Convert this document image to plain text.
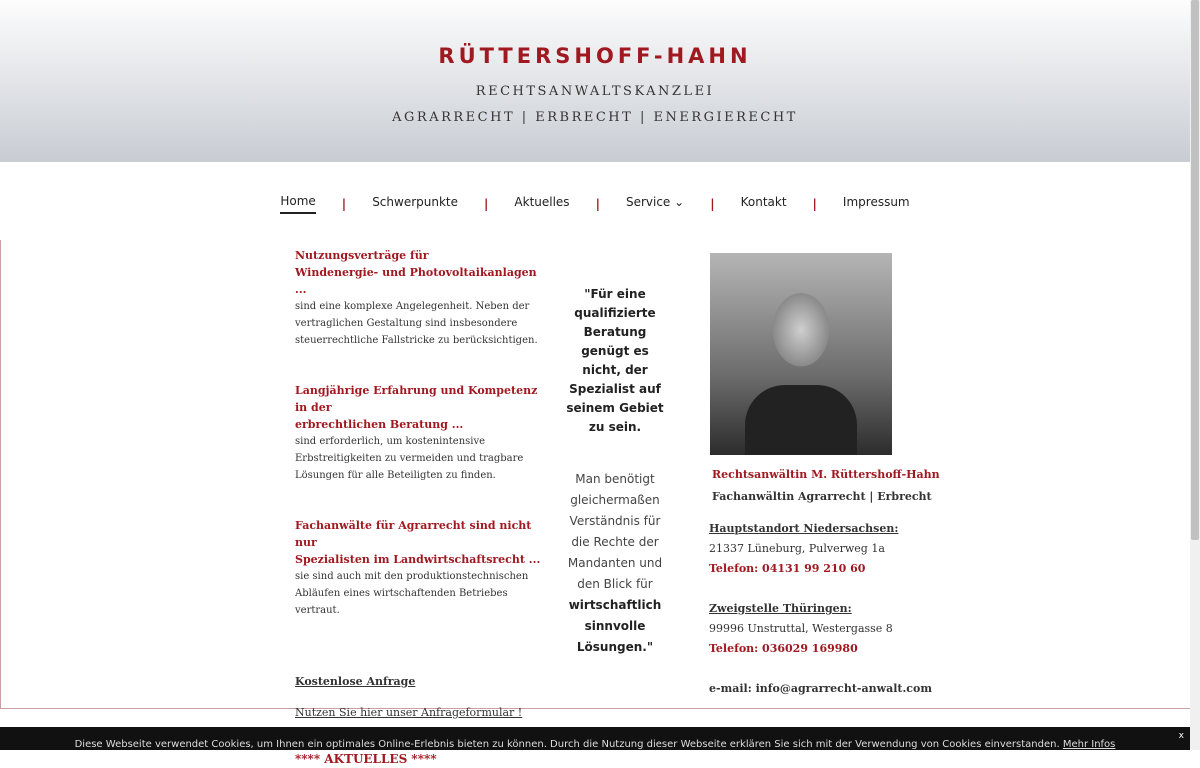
RÜTTERSHOFF-HAHN
RECHTSANWALTSKANZLEI
AGRARRECHT | ERBRECHT | ENERGIERECHT
Home | Schwerpunkte | Aktuelles | Service ⌄ | Kontakt | Impressum
Nutzungsverträge für
Windenergie- und Photovoltaikanlagen ...
sind eine komplexe Angelegenheit. Neben der vertraglichen Gestaltung sind insbesondere steuerrechtliche Fallstricke zu berücksichtigen.
Langjährige Erfahrung und Kompetenz in der
erbrechtlichen Beratung ...
sind erforderlich, um kostenintensive Erbstreitigkeiten zu vermeiden und tragbare Lösungen für alle Beteiligten zu finden.
Fachanwälte für Agrarrecht sind nicht nur
Spezialisten im Landwirtschaftsrecht ...
sie sind auch mit den produktionstechnischen Abläufen eines wirtschaftenden Betriebes vertraut.
Kostenlose Anfrage
Nutzen Sie hier unser Anfrageformular !
**** AKTUELLES ****
"Für eine qualifizierte Beratung genügt es nicht, der Spezialist auf seinem Gebiet zu sein.
Man benötigt gleichermaßen Verständnis für die Rechte der Mandanten und den Blick für
wirtschaftlich sinnvolle Lösungen."
Rechtsanwältin M. Rüttershoff-Hahn
Fachanwältin Agrarrecht | Erbrecht
Hauptstandort Niedersachsen:
21337 Lüneburg, Pulverweg 1a
Telefon: 04131 99 210 60
Zweigstelle Thüringen:
99996 Unstruttal, Westergasse 8
Telefon: 036029 169980
e-mail: info@agrarrecht-anwalt.com
Diese Webseite verwendet Cookies, um Ihnen ein optimales Online-Erlebnis bieten zu können. Durch die Nutzung dieser Webseite erklären Sie sich mit der Verwendung von Cookies einverstanden. Mehr Infos
x
